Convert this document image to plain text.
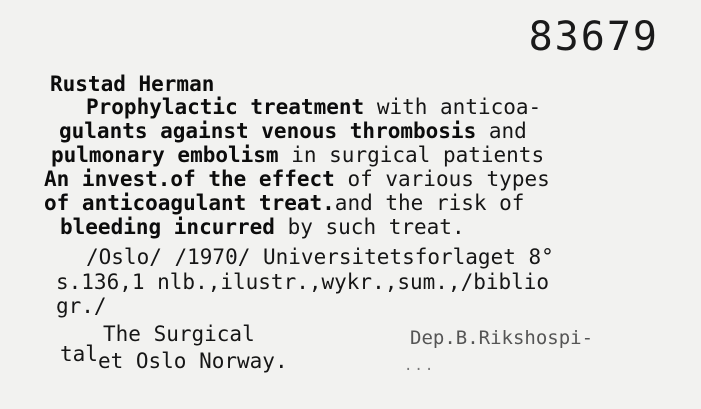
83679
Rustad Herman
Prophylactic treatment with anticoa-
gulants against venous thrombosis and
pulmonary embolism in surgical patients
An invest.of the effect of various types
of anticoagulant treat.and the risk of
bleeding incurred by such treat.
/Oslo/ /1970/ Universitetsforlaget 8°
s.136,1 nlb.,ilustr.,wykr.,sum.,/biblio
gr./
The Surgical	Dep.B.Rikshospi-
talet Oslo Norway.	...
